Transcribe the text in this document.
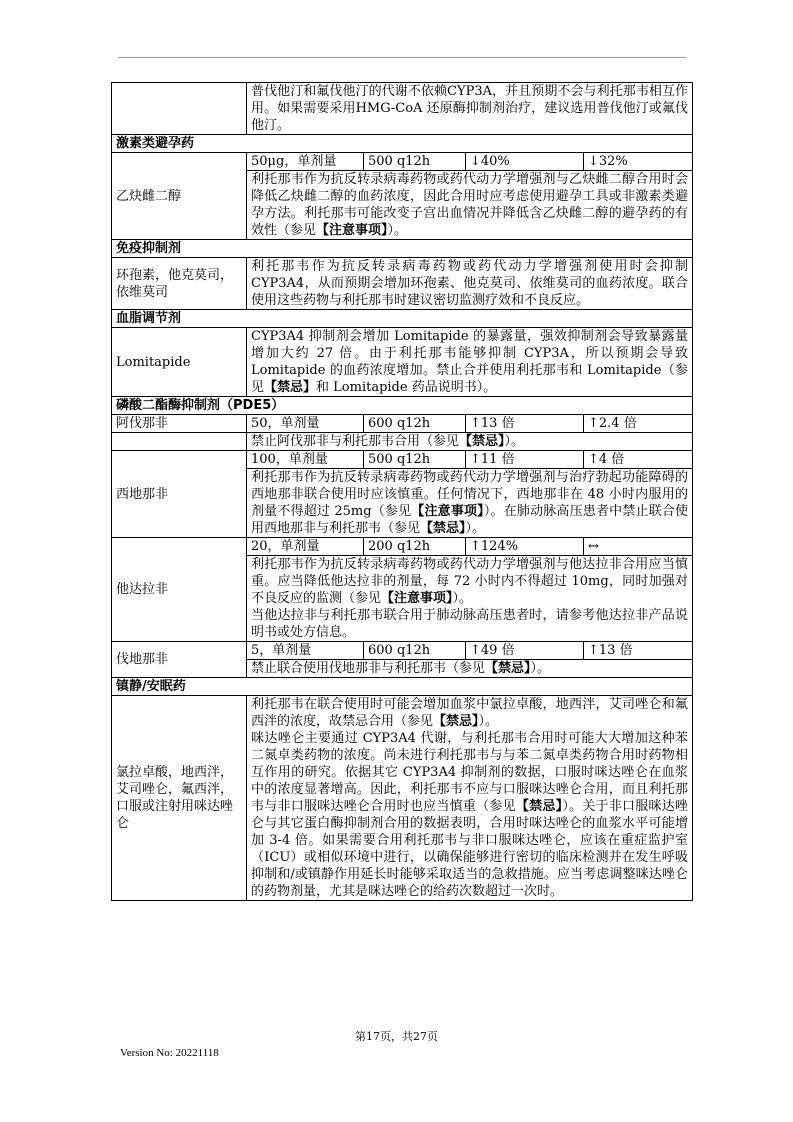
	普伐他汀和氟伐他汀的代谢不依赖CYP3A，并且预期不会与利托那韦相互作用。如果需要采用HMG-CoA 还原酶抑制剂治疗，建议选用普伐他汀或氟伐他汀。			
激素类避孕药				
乙炔雌二醇	50μg，单剂量	500 q12h	↓40%	↓32%
	利托那韦作为抗反转录病毒药物或药代动力学增强剂与乙炔雌二醇合用时会降低乙炔雌二醇的血药浓度，因此合用时应考虑使用避孕工具或非激素类避孕方法。利托那韦可能改变子宫出血情况并降低含乙炔雌二醇的避孕药的有效性（参见【注意事项】）。			
免疫抑制剂				
环孢素，他克莫司，依维莫司	利托那韦作为抗反转录病毒药物或药代动力学增强剂使用时会抑制CYP3A4，从而预期会增加环孢素、他克莫司、依维莫司的血药浓度。联合使用这些药物与利托那韦时建议密切监测疗效和不良反应。			
血脂调节剂				
Lomitapide	CYP3A4 抑制剂会增加 Lomitapide 的暴露量，强效抑制剂会导致暴露量增加大约 27 倍。由于利托那韦能够抑制 CYP3A，所以预期会导致 Lomitapide 的血药浓度增加。禁止合并使用利托那韦和 Lomitapide（参见【禁忌】和 Lomitapide 药品说明书）。			
磷酸二酯酶抑制剂（PDE5）				
阿伐那非	50，单剂量	600 q12h	↑13 倍	↑2.4 倍
	禁止阿伐那非与利托那韦合用（参见【禁忌】）。			
西地那非	100，单剂量	500 q12h	↑11 倍	↑4 倍
	利托那韦作为抗反转录病毒药物或药代动力学增强剂与治疗勃起功能障碍的西地那非联合使用时应该慎重。任何情况下，西地那非在 48 小时内服用的剂量不得超过 25mg（参见【注意事项】）。在肺动脉高压患者中禁止联合使用西地那非与利托那韦（参见【禁忌】）。			
他达拉非	20，单剂量	200 q12h	↑124%	↔

	利托那韦作为抗反转录病毒药物或药代动力学增强剂与他达拉非合用应当慎重。应当降低他达拉非的剂量，每 72 小时内不得超过 10mg，同时加强对不良反应的监测（参见【注意事项】）。
当他达拉非与利托那韦联合用于肺动脉高压患者时，请参考他达拉非产品说明书或处方信息。			

伐地那非	5，单剂量	600 q12h	↑49 倍	↑13 倍
	禁止联合使用伐地那非与利托那韦（参见【禁忌】）。			
镇静/安眠药				
氯拉卓酸，地西泮，艾司唑仑，氟西泮，口服或注射用咪达唑仑	利托那韦在联合使用时可能会增加血浆中氯拉卓酸，地西泮，艾司唑仑和氟西泮的浓度，故禁忌合用（参见【禁忌】）。
咪达唑仑主要通过 CYP3A4 代谢，与利托那韦合用时可能大大增加这种苯二氮卓类药物的浓度。尚未进行利托那韦与与苯二氮卓类药物合用时药物相互作用的研究。依据其它 CYP3A4 抑制剂的数据，口服时咪达唑仑在血浆中的浓度显著增高。因此，利托那韦不应与口服咪达唑仑合用，而且利托那韦与非口服咪达唑仑合用时也应当慎重（参见【禁忌】）。关于非口服咪达唑仑与其它蛋白酶抑制剂合用的数据表明，合用时咪达唑仑的血浆水平可能增加 3-4 倍。如果需要合用利托那韦与非口服咪达唑仑，应该在重症监护室（ICU）或相似环境中进行，以确保能够进行密切的临床检测并在发生呼吸抑制和/或镇静作用延长时能够采取适当的急救措施。应当考虑调整咪达唑仑的药物剂量，尤其是咪达唑仑的给药次数超过一次时。			
第17页，共27页
Version No: 20221118
